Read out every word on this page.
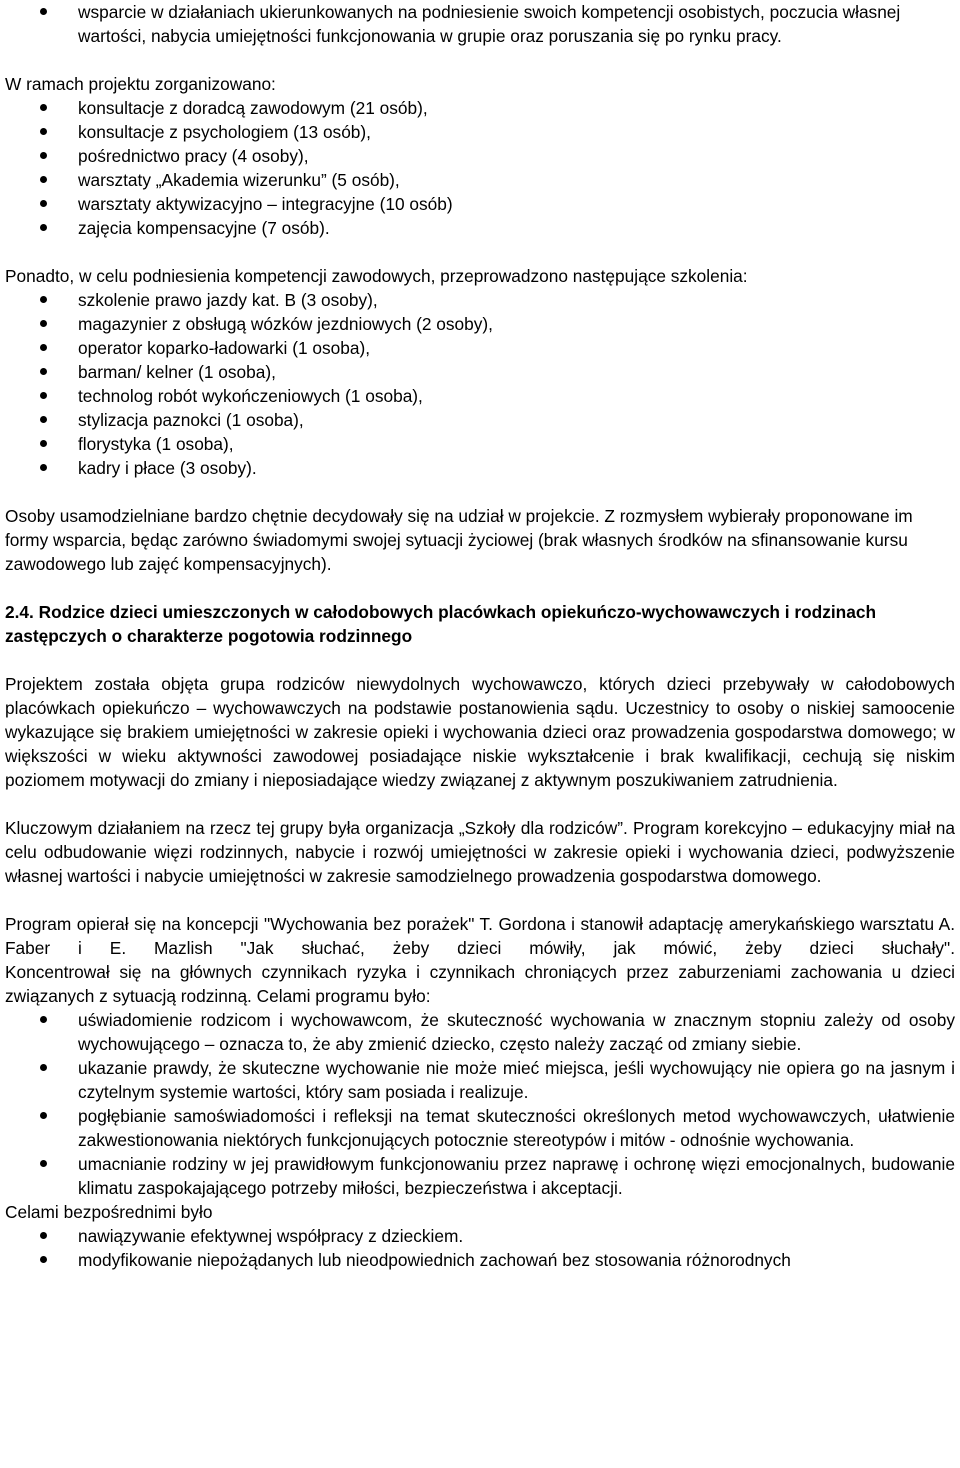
wsparcie w działaniach ukierunkowanych na podniesienie swoich kompetencji osobistych, poczucia własnej wartości, nabycia umiejętności funkcjonowania w grupie oraz poruszania się po rynku pracy.

W ramach projektu zorganizowano:

konsultacje z doradcą zawodowym (21 osób),
konsultacje z psychologiem (13 osób),
pośrednictwo pracy (4 osoby),
warsztaty „Akademia wizerunku” (5 osób),
warsztaty aktywizacyjno – integracyjne (10 osób)
zajęcia kompensacyjne (7 osób).

Ponadto, w celu podniesienia kompetencji zawodowych, przeprowadzono następujące szkolenia:

szkolenie prawo jazdy kat. B (3 osoby),
magazynier z obsługą wózków jezdniowych (2 osoby),
operator koparko-ładowarki (1 osoba),
barman/ kelner (1 osoba),
technolog robót wykończeniowych (1 osoba),
stylizacja paznokci (1 osoba),
florystyka (1 osoba),
kadry i płace (3 osoby).

Osoby usamodzielniane bardzo chętnie decydowały się na udział w projekcie. Z rozmysłem wybierały proponowane im formy wsparcia, będąc zarówno świadomymi swojej sytuacji życiowej (brak własnych środków na sfinansowanie kursu zawodowego lub zajęć kompensacyjnych).

2.4. Rodzice dzieci umieszczonych w całodobowych placówkach opiekuńczo-wychowawczych i rodzinach zastępczych o charakterze pogotowia rodzinnego

Projektem została objęta grupa rodziców niewydolnych wychowawczo, których dzieci przebywały w całodobowych placówkach opiekuńczo – wychowawczych na podstawie postanowienia sądu. Uczestnicy to osoby o niskiej samoocenie wykazujące się brakiem umiejętności w zakresie opieki i wychowania dzieci oraz prowadzenia gospodarstwa domowego; w większości w wieku aktywności zawodowej posiadające niskie wykształcenie i brak kwalifikacji, cechują się niskim poziomem motywacji do zmiany i nieposiadające wiedzy związanej z aktywnym poszukiwaniem zatrudnienia.

Kluczowym działaniem na rzecz tej grupy była organizacja „Szkoły dla rodziców”. Program korekcyjno – edukacyjny miał na celu odbudowanie więzi rodzinnych, nabycie i rozwój umiejętności w zakresie opieki i wychowania dzieci, podwyższenie własnej wartości i nabycie umiejętności w zakresie samodzielnego prowadzenia gospodarstwa domowego.

Program opierał się na koncepcji "Wychowania bez porażek" T. Gordona i stanowił adaptację amerykańskiego warsztatu A. Faber i E. Mazlish "Jak słuchać, żeby dzieci mówiły, jak mówić, żeby dzieci słuchały".

Koncentrował się na głównych czynnikach ryzyka i czynnikach chroniących przez zaburzeniami zachowania u dzieci związanych z sytuacją rodzinną. Celami programu było:

uświadomienie rodzicom i wychowawcom, że skuteczność wychowania w znacznym stopniu zależy od osoby wychowującego – oznacza to, że aby zmienić dziecko, często należy zacząć od zmiany siebie.
ukazanie prawdy, że skuteczne wychowanie nie może mieć miejsca, jeśli wychowujący nie opiera go na jasnym i czytelnym systemie wartości, który sam posiada i realizuje.
pogłębianie samoświadomości i refleksji na temat skuteczności określonych metod wychowawczych, ułatwienie zakwestionowania niektórych funkcjonujących potocznie stereotypów i mitów - odnośnie wychowania.
umacnianie rodziny w jej prawidłowym funkcjonowaniu przez naprawę i ochronę więzi emocjonalnych, budowanie klimatu zaspokajającego potrzeby miłości, bezpieczeństwa i akceptacji.

Celami bezpośrednimi było

nawiązywanie efektywnej współpracy z dzieckiem.
modyfikowanie niepożądanych lub nieodpowiednich zachowań bez stosowania różnorodnych
